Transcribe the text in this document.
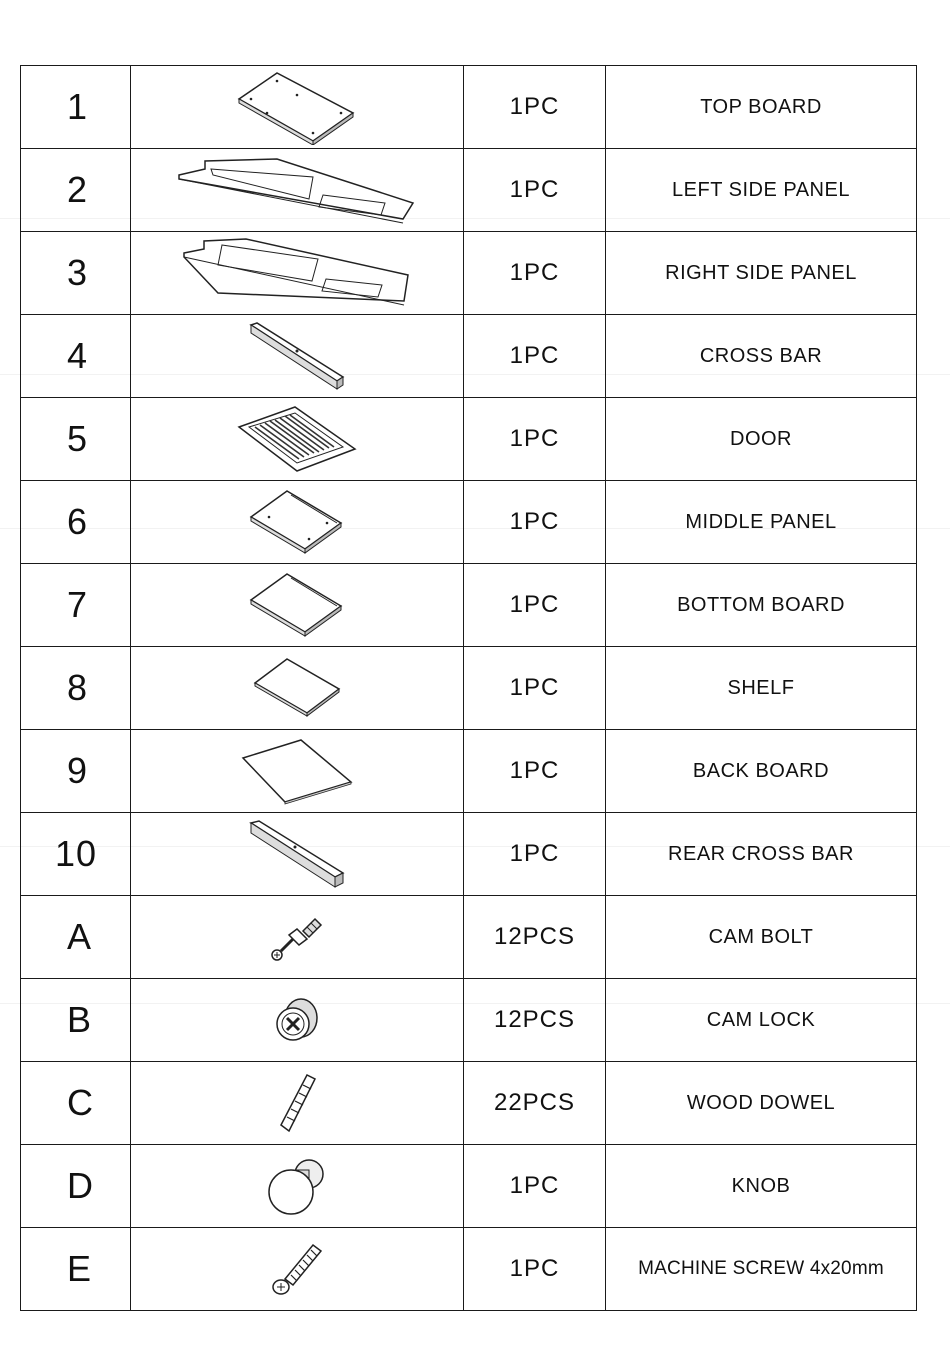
1		1PC	TOP BOARD
2		1PC	LEFT SIDE PANEL
3		1PC	RIGHT SIDE PANEL
4		1PC	CROSS BAR
5		1PC	DOOR
6		1PC	MIDDLE PANEL
7		1PC	BOTTOM BOARD
8		1PC	SHELF
9		1PC	BACK BOARD
10		1PC	REAR CROSS BAR
A		12PCS	CAM BOLT
B		12PCS	CAM LOCK
C		22PCS	WOOD DOWEL
D		1PC	KNOB
E		1PC	MACHINE SCREW 4x20mm
